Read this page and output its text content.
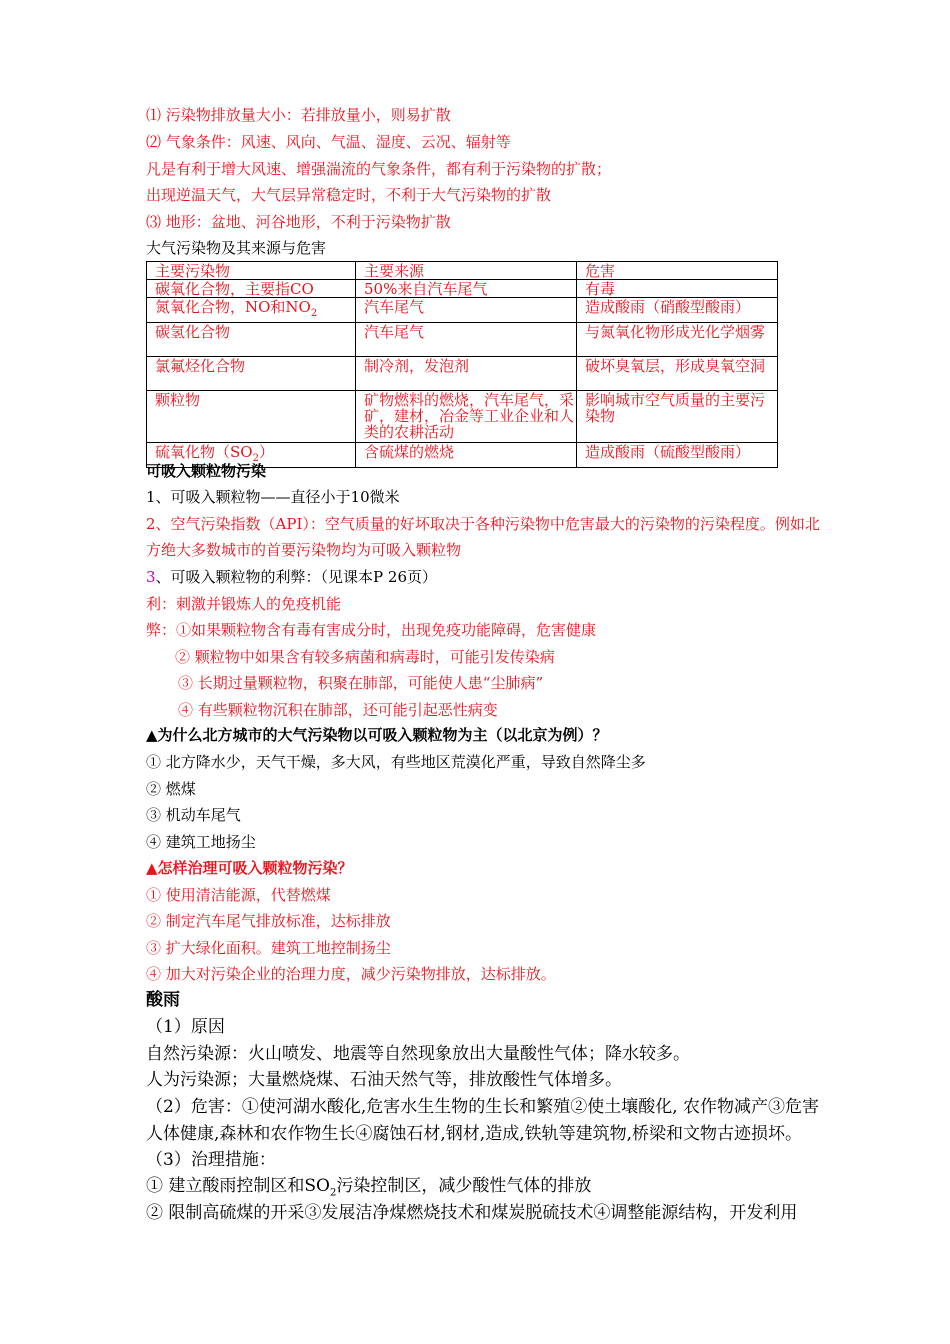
⑴ 污染物排放量大小：若排放量小，则易扩散
⑵ 气象条件：风速、风向、气温、湿度、云况、辐射等
凡是有利于增大风速、增强湍流的气象条件，都有利于污染物的扩散；
出现逆温天气，大气层异常稳定时，不利于大气污染物的扩散
⑶ 地形：盆地、河谷地形，不利于污染物扩散
大气污染物及其来源与危害
主要污染物	主要来源	危害
碳氧化合物，主要指CO	50%来自汽车尾气	有毒
氮氧化合物，NO和$NO_2$	汽车尾气	造成酸雨（硝酸型酸雨）
碳氢化合物	汽车尾气	与氮氧化物形成光化学烟雾
氯氟烃化合物	制冷剂，发泡剂	破坏臭氧层，形成臭氧空洞
颗粒物	矿物燃料的燃烧，汽车尾气，采矿，建材，冶金等工业企业和人类的农耕活动	影响城市空气质量的主要污染物
硫氧化物$(SO_2)$	含硫煤的燃烧	造成酸雨（硫酸型酸雨）
可吸入颗粒物污染
1、可吸入颗粒物——直径小于10微米
2、空气污染指数（API）：空气质量的好坏取决于各种污染物中危害最大的污染物的污染程度。例如北
方绝大多数城市的首要污染物均为可吸入颗粒物
3、可吸入颗粒物的利弊：（见课本P 26页）
利：刺激并锻炼人的免疫机能
弊：①如果颗粒物含有毒有害成分时，出现免疫功能障碍，危害健康
② 颗粒物中如果含有较多病菌和病毒时，可能引发传染病
③ 长期过量颗粒物，积聚在肺部，可能使人患“尘肺病”
④ 有些颗粒物沉积在肺部，还可能引起恶性病变
▲为什么北方城市的大气污染物以可吸入颗粒物为主（以北京为例）？
① 北方降水少，天气干燥，多大风，有些地区荒漠化严重，导致自然降尘多
② 燃煤
③ 机动车尾气
④ 建筑工地扬尘
▲怎样治理可吸入颗粒物污染？
① 使用清洁能源，代替燃煤
② 制定汽车尾气排放标准，达标排放
③ 扩大绿化面积。建筑工地控制扬尘
④ 加大对污染企业的治理力度，减少污染物排放，达标排放。
酸雨
（1）原因
自然污染源：火山喷发、地震等自然现象放出大量酸性气体；降水较多。
人为污染源；大量燃烧煤、石油天然气等，排放酸性气体增多。
（2）危害：①使河湖水酸化,危害水生生物的生长和繁殖②使土壤酸化, 农作物减产③危害
人体健康,森林和农作物生长④腐蚀石材,钢材,造成,铁轨等建筑物,桥梁和文物古迹损坏。
（3）治理措施：
① 建立酸雨控制区和$SO_2$污染控制区，减少酸性气体的排放
② 限制高硫煤的开采③发展洁净煤燃烧技术和煤炭脱硫技术④调整能源结构，开发利用
